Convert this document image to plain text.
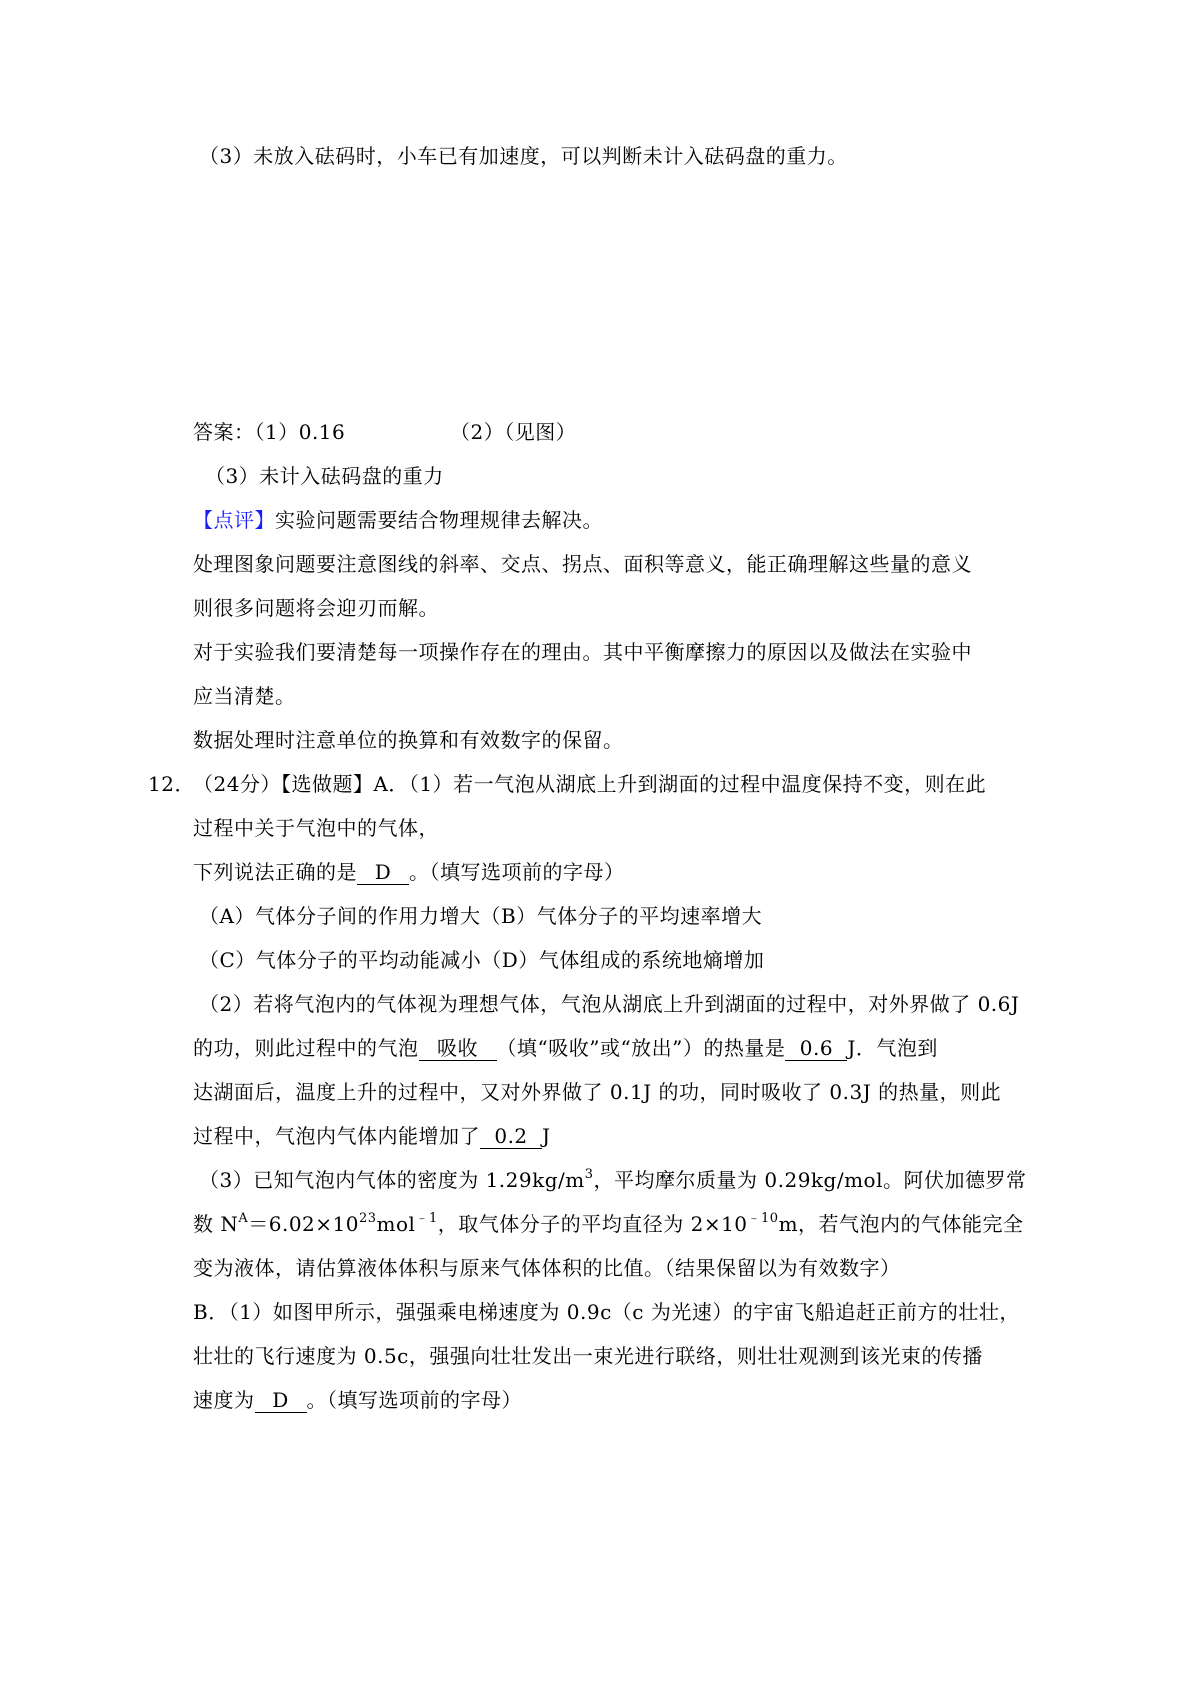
（3）未放入砝码时，小车已有加速度，可以判断未计入砝码盘的重力。
答案：（1）0.16	（2）（见图）
（3）未计入砝码盘的重力
【点评】实验问题需要结合物理规律去解决。
处理图象问题要注意图线的斜率、交点、拐点、面积等意义，能正确理解这些量的意义
则很多问题将会迎刃而解。
对于实验我们要清楚每一项操作存在的理由。其中平衡摩擦力的原因以及做法在实验中
应当清楚。
数据处理时注意单位的换算和有效数字的保留。
12．
（24分）【选做题】A．（1）若一气泡从湖底上升到湖面的过程中温度保持不变，则在此
过程中关于气泡中的气体，
下列说法正确的是 D 。（填写选项前的字母）
（A）气体分子间的作用力增大（B）气体分子的平均速率增大
（C）气体分子的平均动能减小（D）气体组成的系统地熵增加
（2）若将气泡内的气体视为理想气体，气泡从湖底上升到湖面的过程中，对外界做了 0.6J
的功，则此过程中的气泡 吸收 （填“吸收”或“放出”）的热量是 0.6 J．气泡到
达湖面后，温度上升的过程中，又对外界做了 0.1J 的功，同时吸收了 0.3J 的热量，则此
过程中，气泡内气体内能增加了 0.2 J
（3）已知气泡内气体的密度为 $1.29kg/m^3$，平均摩尔质量为 0.29kg/mol。阿伏加德罗常
数 $N^A=6.02\times 10^{23}mol^{﹣1}$，取气体分子的平均直径为 $2\times 10^{﹣10}m$，若气泡内的气体能完全
变为液体，请估算液体体积与原来气体体积的比值。（结果保留以为有效数字）
B．（1）如图甲所示，强强乘电梯速度为 0.9c（c 为光速）的宇宙飞船追赶正前方的壮壮，
壮壮的飞行速度为 0.5c，强强向壮壮发出一束光进行联络，则壮壮观测到该光束的传播
速度为 D 。（填写选项前的字母）
